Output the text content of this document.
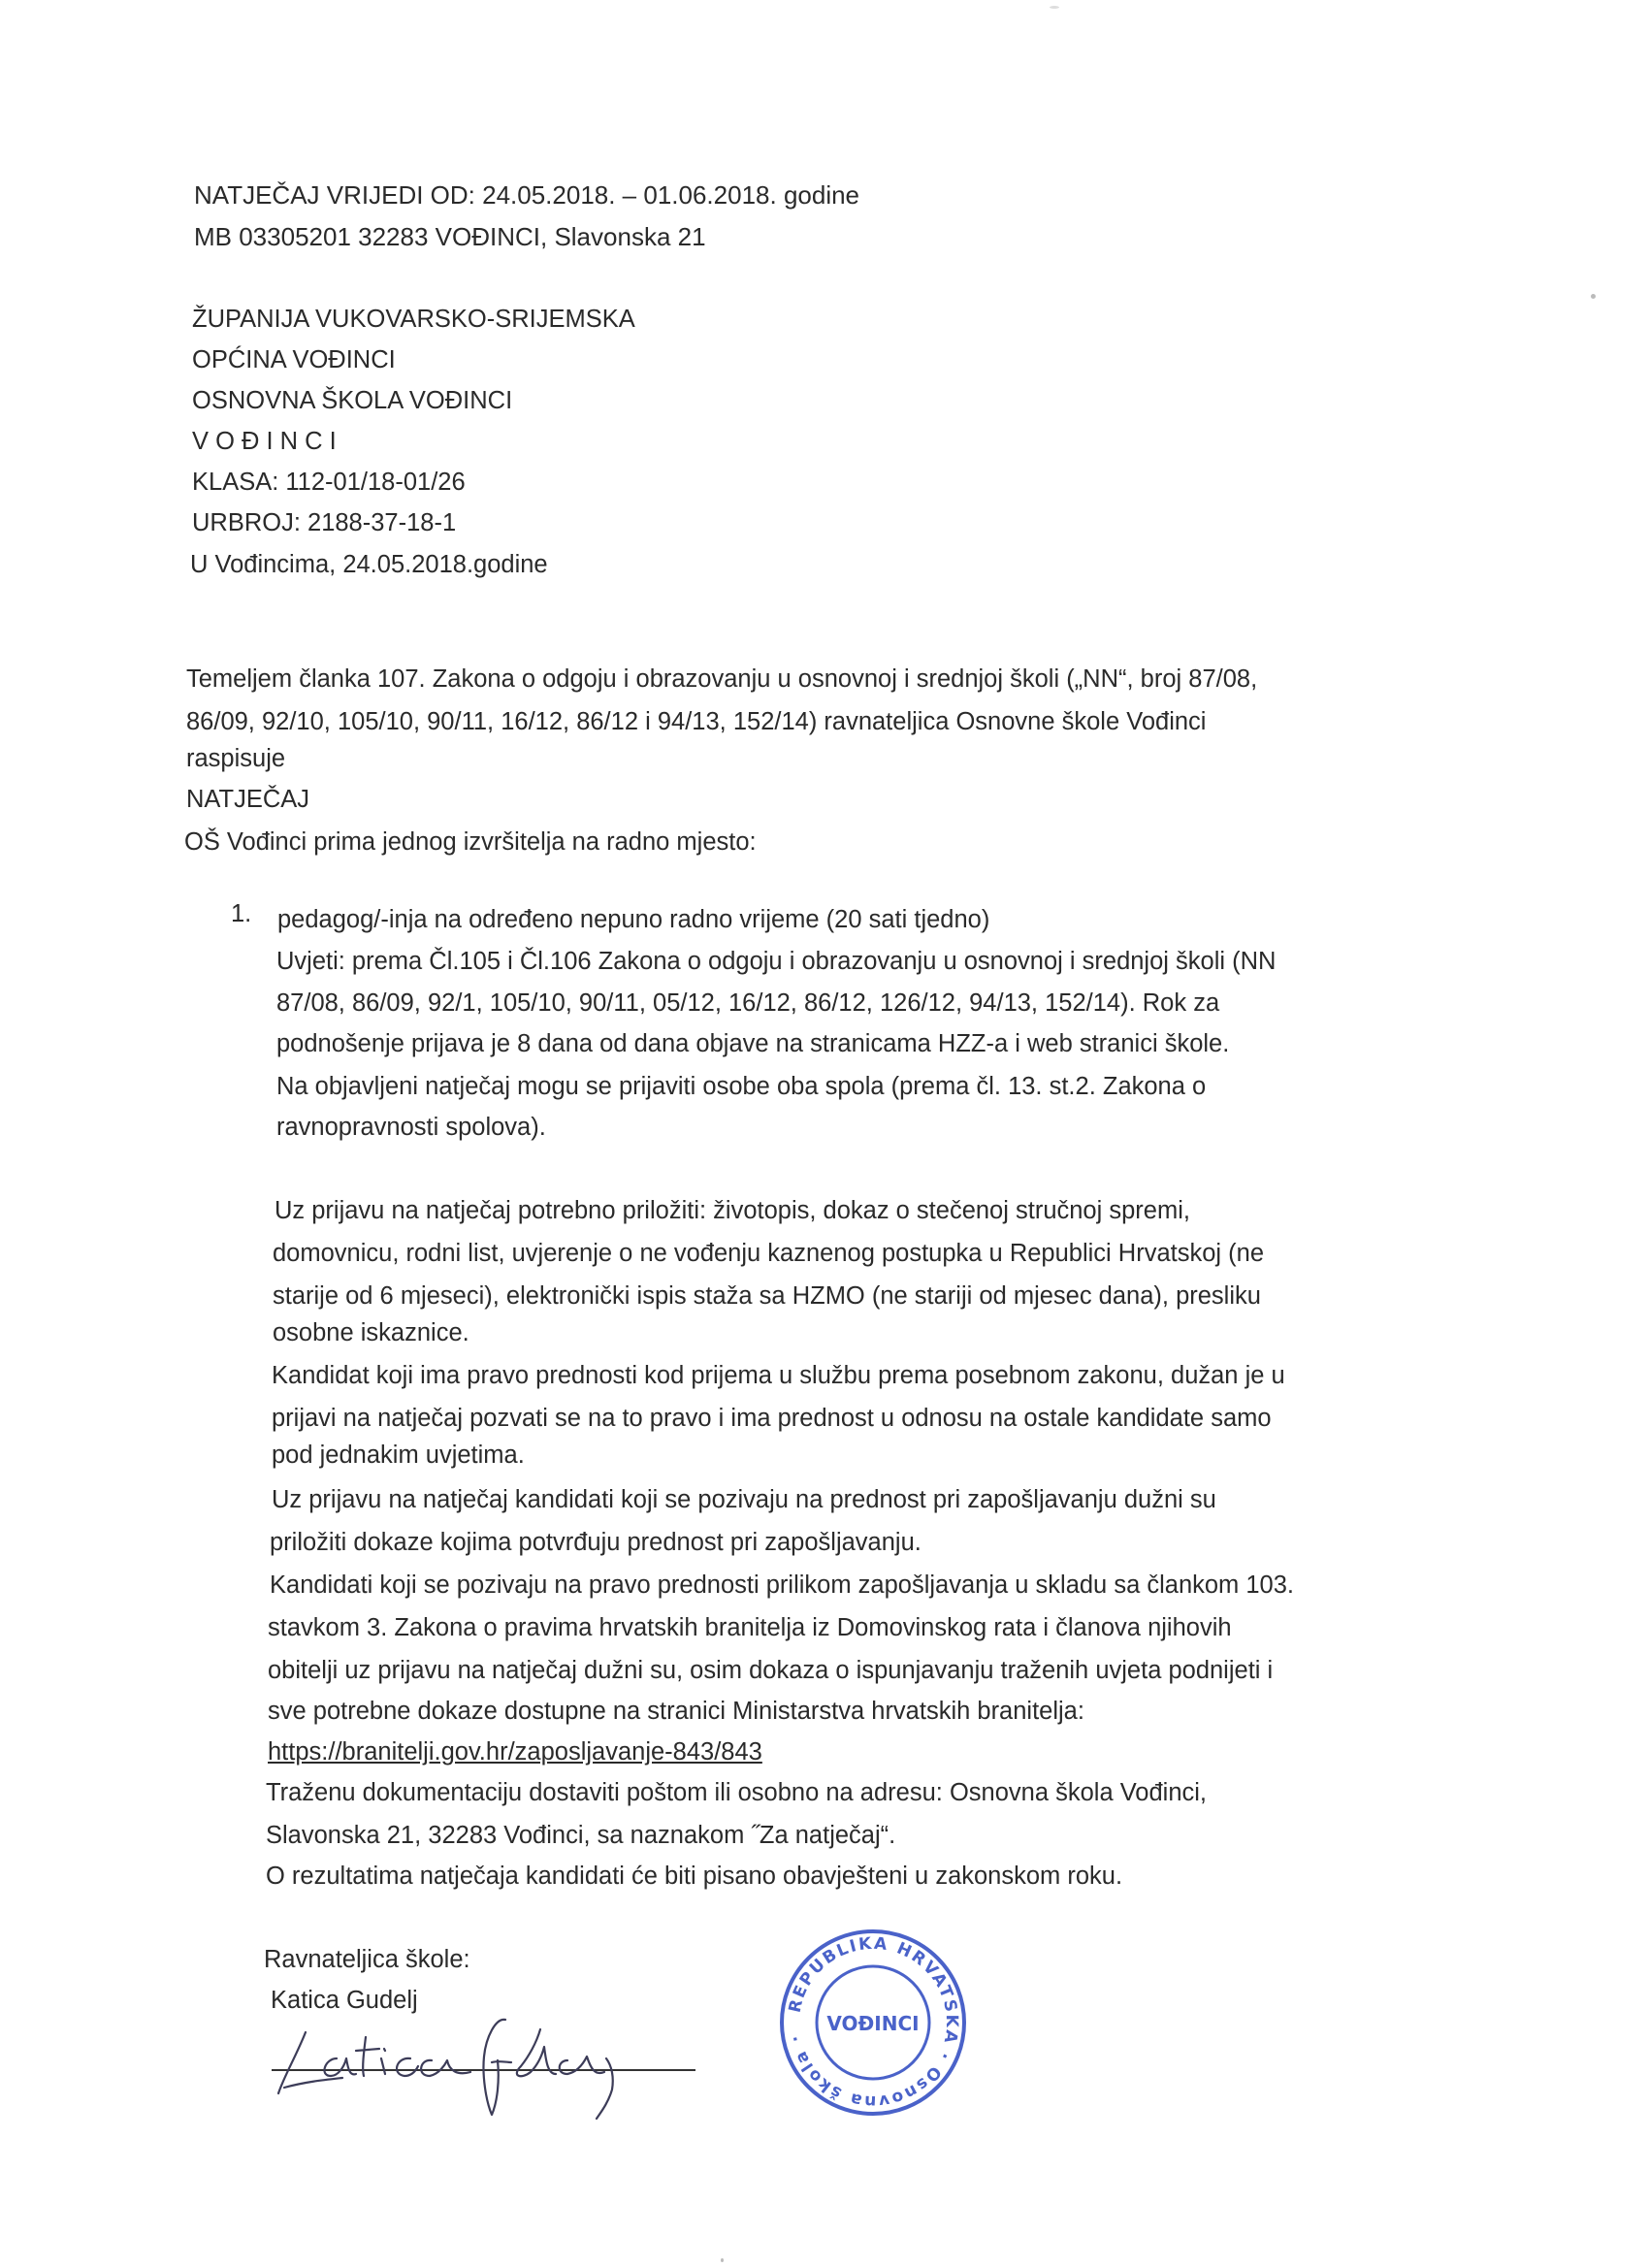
NATJEČAJ VRIJEDI OD: 24.05.2018. – 01.06.2018. godine
MB 03305201 32283 VOĐINCI, Slavonska 21
ŽUPANIJA VUKOVARSKO-SRIJEMSKA
OPĆINA VOĐINCI
OSNOVNA ŠKOLA VOĐINCI
V O Đ I N C I
KLASA: 112-01/18-01/26
URBROJ: 2188-37-18-1
U Vođincima, 24.05.2018.godine
Temeljem članka 107. Zakona o odgoju i obrazovanju u osnovnoj i srednjoj školi („NN“, broj 87/08,
86/09, 92/10, 105/10, 90/11, 16/12, 86/12 i 94/13, 152/14) ravnateljica Osnovne škole Vođinci
raspisuje
NATJEČAJ
OŠ Vođinci prima jednog izvršitelja na radno mjesto:
1. pedagog/-inja na određeno nepuno radno vrijeme (20 sati tjedno)
Uvjeti: prema Čl.105 i Čl.106 Zakona o odgoju i obrazovanju u osnovnoj i srednjoj školi (NN
87/08, 86/09, 92/1, 105/10, 90/11, 05/12, 16/12, 86/12, 126/12, 94/13, 152/14). Rok za
podnošenje prijava je 8 dana od dana objave na stranicama HZZ-a i web stranici škole.
Na objavljeni natječaj mogu se prijaviti osobe oba spola (prema čl. 13. st.2. Zakona o
ravnopravnosti spolova).
Uz prijavu na natječaj potrebno priložiti: životopis, dokaz o stečenoj stručnoj spremi,
domovnicu, rodni list, uvjerenje o ne vođenju kaznenog postupka u Republici Hrvatskoj (ne
starije od 6 mjeseci), elektronički ispis staža sa HZMO (ne stariji od mjesec dana), presliku
osobne iskaznice.
Kandidat koji ima pravo prednosti kod prijema u službu prema posebnom zakonu, dužan je u
prijavi na natječaj pozvati se na to pravo i ima prednost u odnosu na ostale kandidate samo
pod jednakim uvjetima.
Uz prijavu na natječaj kandidati koji se pozivaju na prednost pri zapošljavanju dužni su
priložiti dokaze kojima potvrđuju prednost pri zapošljavanju.
Kandidati koji se pozivaju na pravo prednosti prilikom zapošljavanja u skladu sa člankom 103.
stavkom 3. Zakona o pravima hrvatskih branitelja iz Domovinskog rata i članova njihovih
obitelji uz prijavu na natječaj dužni su, osim dokaza o ispunjavanju traženih uvjeta podnijeti i
sve potrebne dokaze dostupne na stranici Ministarstva hrvatskih branitelja:
https://branitelji.gov.hr/zaposljavanje-843/843
Traženu dokumentaciju dostaviti poštom ili osobno na adresu: Osnovna škola Vođinci,
Slavonska 21, 32283 Vođinci, sa naznakom ˝Za natječaj“.
O rezultatima natječaja kandidati će biti pisano obavješteni u zakonskom roku.
Ravnateljica škole:
Katica Gudelj	REPUBLIKA HRVATSKA · Osnovna škola ·
VOĐINCI
